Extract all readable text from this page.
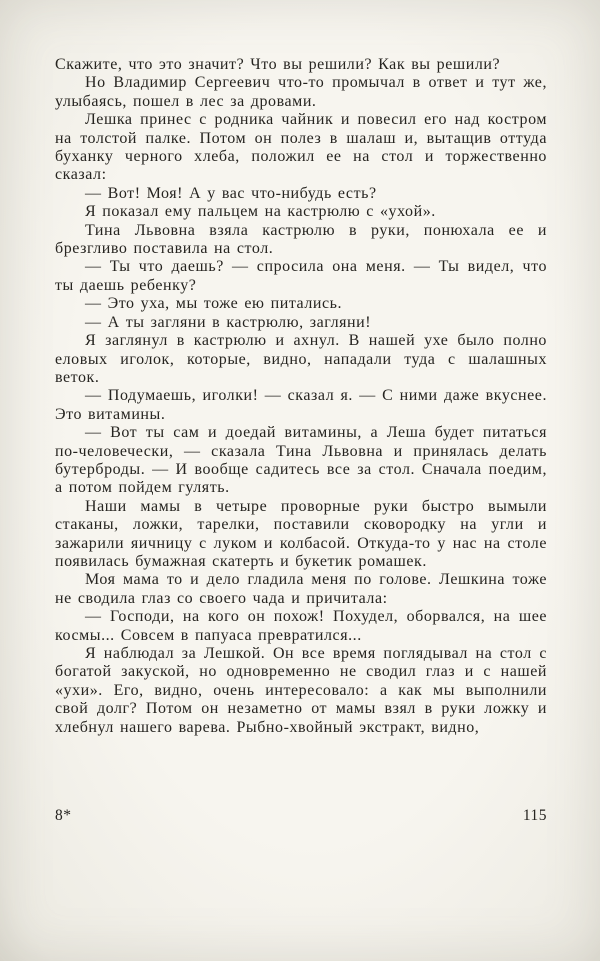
Скажите, что это значит? Что вы решили? Как вы решили?

Но Владимир Сергеевич что-то промычал в ответ и тут же, улыбаясь, пошел в лес за дровами.

Лешка принес с родника чайник и повесил его над костром на толстой палке. Потом он полез в шалаш и, вытащив оттуда буханку черного хлеба, положил ее на стол и торжественно сказал:

— Вот! Моя! А у вас что-нибудь есть?

Я показал ему пальцем на кастрюлю с «ухой».

Тина Львовна взяла кастрюлю в руки, понюхала ее и брезгливо поставила на стол.

— Ты что даешь? — спросила она меня. — Ты видел, что ты даешь ребенку?

— Это уха, мы тоже ею питались.

— А ты загляни в кастрюлю, загляни!

Я заглянул в кастрюлю и ахнул. В нашей ухе было полно еловых иголок, которые, видно, нападали туда с шалашных веток.

— Подумаешь, иголки! — сказал я. — С ними даже вкуснее. Это витамины.

— Вот ты сам и доедай витамины, а Леша будет питаться по-человечески, — сказала Тина Львовна и принялась делать бутерброды. — И вообще садитесь все за стол. Сначала поедим, а потом пойдем гулять.

Наши мамы в четыре проворные руки быстро вымыли стаканы, ложки, тарелки, поставили сковородку на угли и зажарили яичницу с луком и колбасой. Откуда-то у нас на столе появилась бумажная скатерть и букетик ромашек.

Моя мама то и дело гладила меня по голове. Лешкина тоже не сводила глаз со своего чада и причитала:

— Господи, на кого он похож! Похудел, оборвался, на шее космы... Совсем в папуаса превратился...

Я наблюдал за Лешкой. Он все время поглядывал на стол с богатой закуской, но одновременно не сводил глаз и с нашей «ухи». Его, видно, очень интересовало: а как мы выполнили свой долг? Потом он незаметно от мамы взял в руки ложку и хлебнул нашего варева. Рыбно-хвойный экстракт, видно,

8*	115
